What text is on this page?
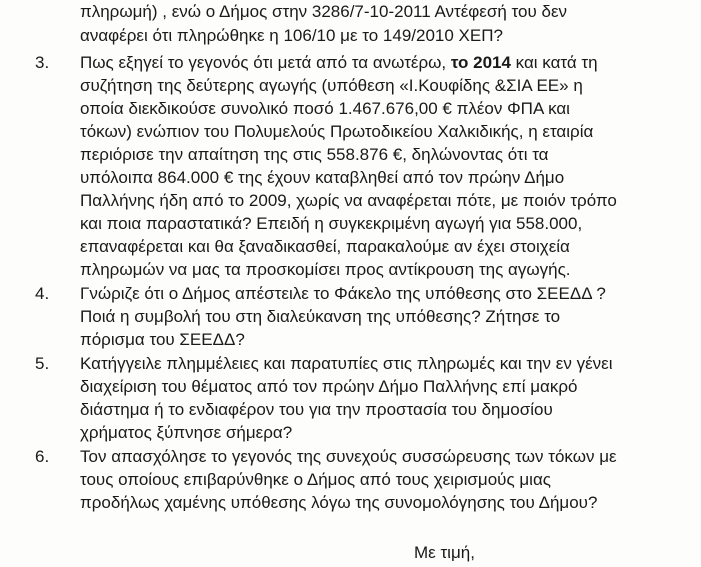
πληρωμή) , ενώ ο Δήμος στην 3286/7-10-2011 Αντέφεσή του δεν
αναφέρει ότι πληρώθηκε η 106/10 με το 149/2010 ΧΕΠ?
3. Πως εξηγεί το γεγονός ότι μετά από τα ανωτέρω, το 2014 και κατά τη
συζήτηση της δεύτερης αγωγής (υπόθεση «Ι.Κουφίδης &ΣΙΑ ΕΕ» η
οποία διεκδικούσε συνολικό ποσό 1.467.676,00 € πλέον ΦΠΑ και
τόκων) ενώπιον του Πολυμελούς Πρωτοδικείου Χαλκιδικής, η εταιρία
περιόρισε την απαίτηση της στις 558.876 €, δηλώνοντας ότι τα
υπόλοιπα 864.000 € της έχουν καταβληθεί από τον πρώην Δήμο
Παλλήνης ήδη από το 2009, χωρίς να αναφέρεται πότε, με ποιόν τρόπο
και ποια παραστατικά? Επειδή η συγκεκριμένη αγωγή για 558.000,
επαναφέρεται και θα ξαναδικασθεί, παρακαλούμε αν έχει στοιχεία
πληρωμών να μας τα προσκομίσει προς αντίκρουση της αγωγής.
4. Γνώριζε ότι ο Δήμος απέστειλε το Φάκελο της υπόθεσης στο ΣΕΕΔΔ ?
Ποιά η συμβολή του στη διαλεύκανση της υπόθεσης? Ζήτησε το
πόρισμα του ΣΕΕΔΔ?
5. Κατήγγειλε πλημμέλειες και παρατυπίες στις πληρωμές και την εν γένει
διαχείριση του θέματος από τον πρώην Δήμο Παλλήνης επί μακρό
διάστημα ή το ενδιαφέρον του για την προστασία του δημοσίου
χρήματος ξύπνησε σήμερα?
6. Τον απασχόλησε το γεγονός της συνεχούς συσσώρευσης των τόκων με
τους οποίους επιβαρύνθηκε ο Δήμος από τους χειρισμούς μιας
προδήλως χαμένης υπόθεσης λόγω της συνομολόγησης του Δήμου?
Με τιμή,
